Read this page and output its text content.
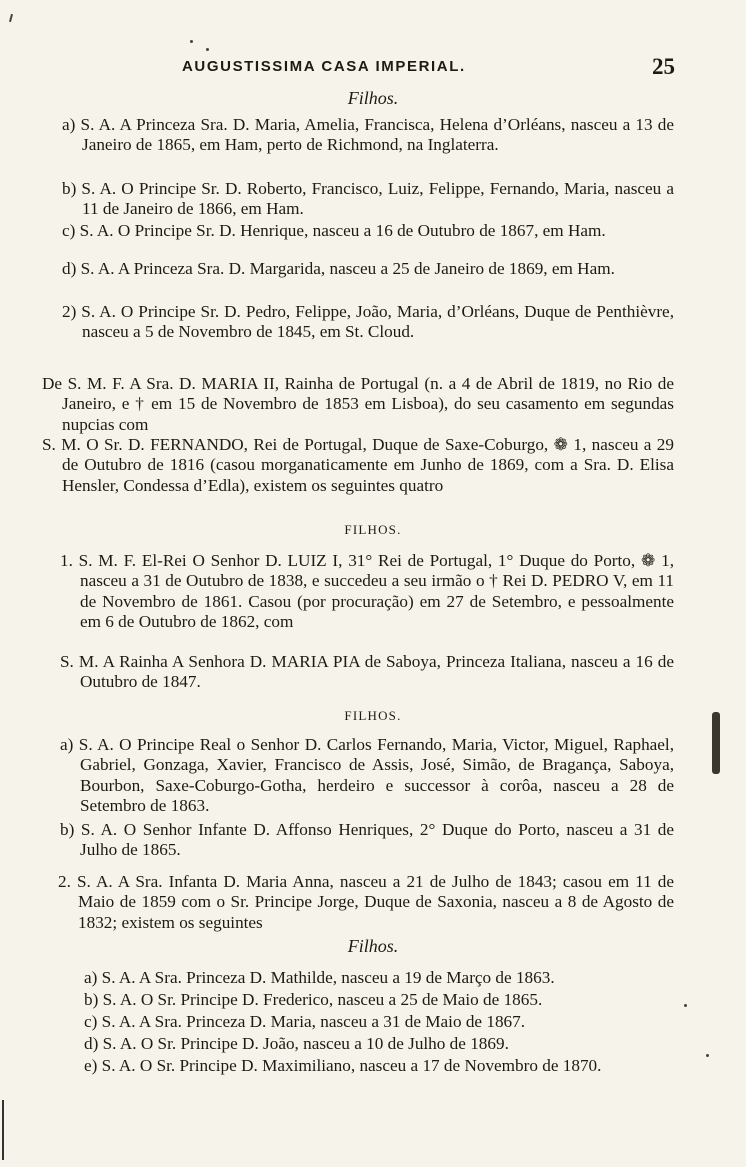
AUGUSTISSIMA CASA IMPERIAL.	25
Filhos.
a) S. A. A Princeza Sra. D. Maria, Amelia, Francisca, Helena d’Orléans, nasceu a 13 de Janeiro de 1865, em Ham, perto de Richmond, na Inglaterra.
b) S. A. O Principe Sr. D. Roberto, Francisco, Luiz, Felippe, Fernando, Maria, nasceu a 11 de Janeiro de 1866, em Ham.
c) S. A. O Principe Sr. D. Henrique, nasceu a 16 de Outubro de 1867, em Ham.
d) S. A. A Princeza Sra. D. Margarida, nasceu a 25 de Janeiro de 1869, em Ham.
2) S. A. O Principe Sr. D. Pedro, Felippe, João, Maria, d’Orléans, Duque de Penthièvre, nasceu a 5 de Novembro de 1845, em St. Cloud.
De S. M. F. A Sra. D. MARIA II, Rainha de Portugal (n. a 4 de Abril de 1819, no Rio de Janeiro, e † em 15 de Novembro de 1853 em Lisboa), do seu casamento em segundas nupcias com
S. M. O Sr. D. FERNANDO, Rei de Portugal, Duque de Saxe-Coburgo, ❁ 1, nasceu a 29 de Outubro de 1816 (casou morganaticamente em Junho de 1869, com a Sra. D. Elisa Hensler, Condessa d’Edla), existem os seguintes quatro
FILHOS.
1. S. M. F. El-Rei O Senhor D. LUIZ I, 31° Rei de Portugal, 1° Duque do Porto, ❁ 1, nasceu a 31 de Outubro de 1838, e succedeu a seu irmão o † Rei D. PEDRO V, em 11 de Novembro de 1861. Casou (por procuração) em 27 de Setembro, e pessoalmente em 6 de Outubro de 1862, com
S. M. A Rainha A Senhora D. MARIA PIA de Saboya, Princeza Italiana, nasceu a 16 de Outubro de 1847.
FILHOS.
a) S. A. O Principe Real o Senhor D. Carlos Fernando, Maria, Victor, Miguel, Raphael, Gabriel, Gonzaga, Xavier, Francisco de Assis, José, Simão, de Bragança, Saboya, Bourbon, Saxe-Coburgo-Gotha, herdeiro e successor à corôa, nasceu a 28 de Setembro de 1863.
b) S. A. O Senhor Infante D. Affonso Henriques, 2° Duque do Porto, nasceu a 31 de Julho de 1865.
2. S. A. A Sra. Infanta D. Maria Anna, nasceu a 21 de Julho de 1843; casou em 11 de Maio de 1859 com o Sr. Principe Jorge, Duque de Saxonia, nasceu a 8 de Agosto de 1832; existem os seguintes
Filhos.
a) S. A. A Sra. Princeza D. Mathilde, nasceu a 19 de Março de 1863.
b) S. A. O Sr. Principe D. Frederico, nasceu a 25 de Maio de 1865.
c) S. A. A Sra. Princeza D. Maria, nasceu a 31 de Maio de 1867.
d) S. A. O Sr. Principe D. João, nasceu a 10 de Julho de 1869.
e) S. A. O Sr. Principe D. Maximiliano, nasceu a 17 de Novembro de 1870.
